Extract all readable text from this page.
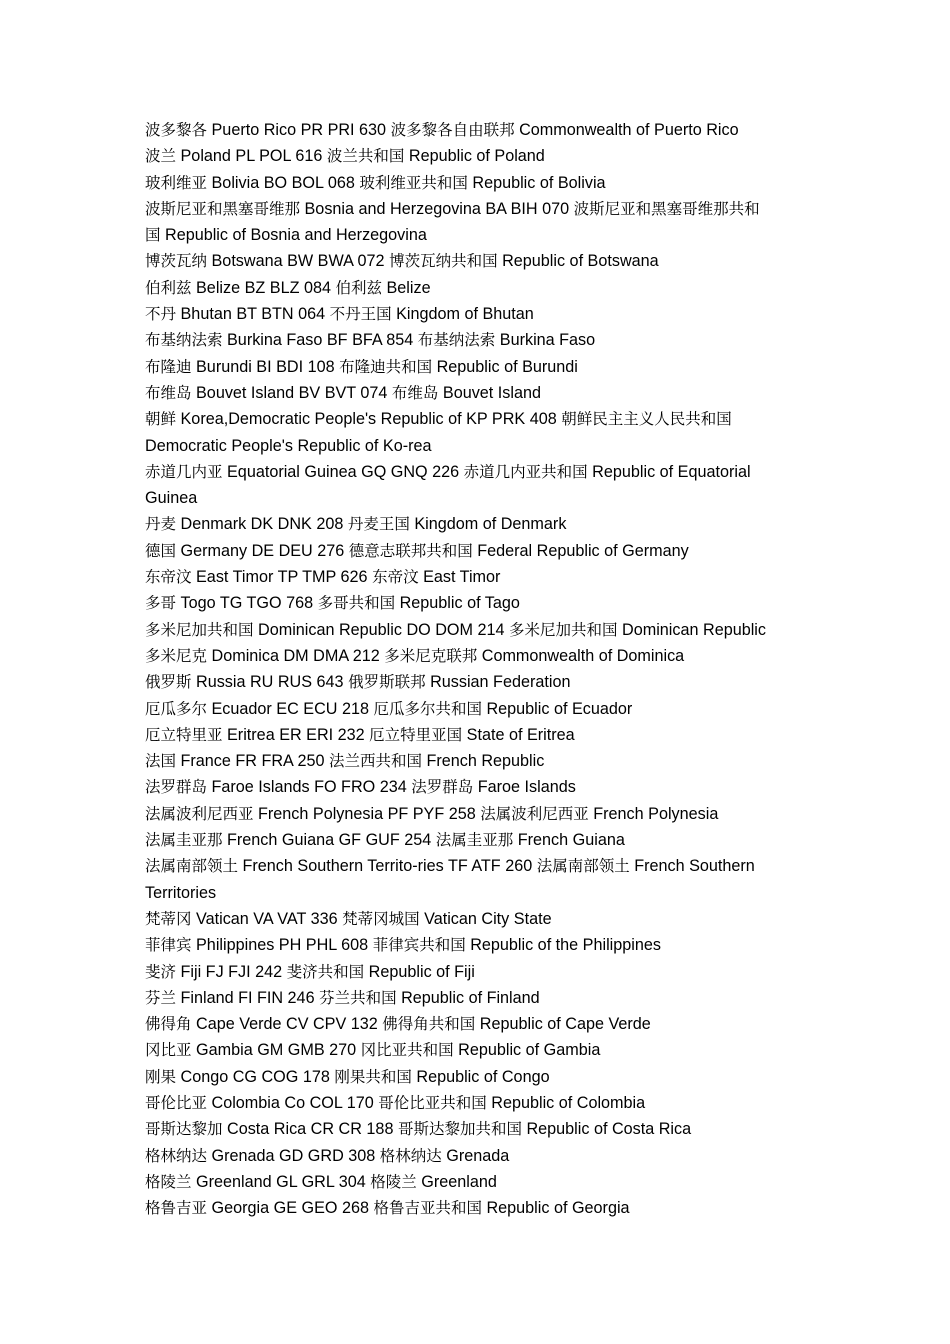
波多黎各 Puerto Rico PR PRI 630 波多黎各自由联邦 Commonwealth of Puerto Rico

波兰 Poland PL POL 616 波兰共和国 Republic of Poland

玻利维亚 Bolivia BO BOL 068 玻利维亚共和国 Republic of Bolivia

波斯尼亚和黑塞哥维那 Bosnia and Herzegovina BA BIH 070 波斯尼亚和黑塞哥维那共和

国 Republic of Bosnia and Herzegovina

博茨瓦纳 Botswana BW BWA 072 博茨瓦纳共和国 Republic of Botswana

伯利兹 Belize BZ BLZ 084 伯利兹 Belize

不丹 Bhutan BT BTN 064 不丹王国 Kingdom of Bhutan

布基纳法索 Burkina Faso BF BFA 854 布基纳法索 Burkina Faso

布隆迪 Burundi BI BDI 108 布隆迪共和国 Republic of Burundi

布维岛 Bouvet Island BV BVT 074 布维岛 Bouvet Island

朝鲜 Korea,Democratic People's Republic of KP PRK 408 朝鲜民主主义人民共和国

Democratic People's Republic of Ko-rea

赤道几内亚 Equatorial Guinea GQ GNQ 226 赤道几内亚共和国 Republic of Equatorial

Guinea

丹麦 Denmark DK DNK 208 丹麦王国 Kingdom of Denmark

德国 Germany DE DEU 276 德意志联邦共和国 Federal Republic of Germany

东帝汶 East Timor TP TMP 626 东帝汶 East Timor

多哥 Togo TG TGO 768 多哥共和国 Republic of Tago

多米尼加共和国 Dominican Republic DO DOM 214 多米尼加共和国 Dominican Republic

多米尼克 Dominica DM DMA 212 多米尼克联邦 Commonwealth of Dominica

俄罗斯 Russia RU RUS 643 俄罗斯联邦 Russian Federation

厄瓜多尔 Ecuador EC ECU 218 厄瓜多尔共和国 Republic of Ecuador

厄立特里亚 Eritrea ER ERI 232 厄立特里亚国 State of Eritrea

法国 France FR FRA 250 法兰西共和国 French Republic

法罗群岛 Faroe Islands FO FRO 234 法罗群岛 Faroe Islands

法属波利尼西亚 French Polynesia PF PYF 258 法属波利尼西亚 French Polynesia

法属圭亚那 French Guiana GF GUF 254 法属圭亚那 French Guiana

法属南部领土 French Southern Territo-ries TF ATF 260 法属南部领土 French Southern

Territories

梵蒂冈 Vatican VA VAT 336 梵蒂冈城国 Vatican City State

菲律宾 Philippines PH PHL 608 菲律宾共和国 Republic of the Philippines

斐济 Fiji FJ FJI 242 斐济共和国 Republic of Fiji

芬兰 Finland FI FIN 246 芬兰共和国 Republic of Finland

佛得角 Cape Verde CV CPV 132 佛得角共和国 Republic of Cape Verde

冈比亚 Gambia GM GMB 270 冈比亚共和国 Republic of Gambia

刚果 Congo CG COG 178 刚果共和国 Republic of Congo

哥伦比亚 Colombia Co COL 170 哥伦比亚共和国 Republic of Colombia

哥斯达黎加 Costa Rica CR CR 188 哥斯达黎加共和国 Republic of Costa Rica

格林纳达 Grenada GD GRD 308 格林纳达 Grenada

格陵兰 Greenland GL GRL 304 格陵兰 Greenland

格鲁吉亚 Georgia GE GEO 268 格鲁吉亚共和国 Republic of Georgia
